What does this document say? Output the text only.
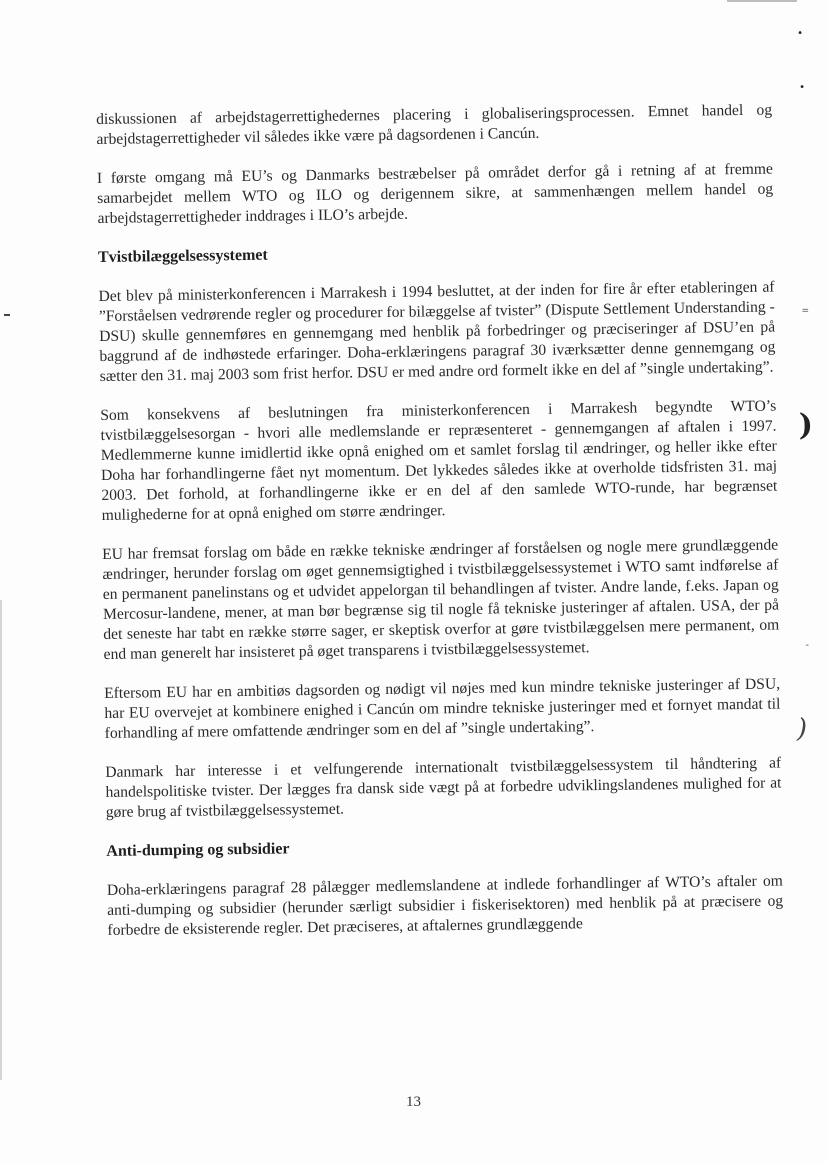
•
•
=
)
-
)

diskussionen af arbejdstagerrettighedernes placering i globaliseringsprocessen. Emnet handel og arbejdstagerrettigheder vil således ikke være på dagsordenen i Cancún.

I første omgang må EU’s og Danmarks bestræbelser på området derfor gå i retning af at fremme samarbejdet mellem WTO og ILO og derigennem sikre, at sammenhængen mellem handel og arbejdstagerrettigheder inddrages i ILO’s arbejde.

Tvistbilæggelsessystemet

Det blev på ministerkonferencen i Marrakesh i 1994 besluttet, at der inden for fire år efter etableringen af ”Forståelsen vedrørende regler og procedurer for bilæggelse af tvister” (Dispute Settlement Understanding - DSU) skulle gennemføres en gennemgang med henblik på forbedringer og præciseringer af DSU’en på baggrund af de indhøstede erfaringer. Doha-erklæringens paragraf 30 iværksætter denne gennemgang og sætter den 31. maj 2003 som frist herfor. DSU er med andre ord formelt ikke en del af ”single undertaking”.

Som konsekvens af beslutningen fra ministerkonferencen i Marrakesh begyndte WTO’s tvistbilæggelsesorgan - hvori alle medlemslande er repræsenteret - gennemgangen af aftalen i 1997. Medlemmerne kunne imidlertid ikke opnå enighed om et samlet forslag til ændringer, og heller ikke efter Doha har forhandlingerne fået nyt momentum. Det lykkedes således ikke at overholde tidsfristen 31. maj 2003. Det forhold, at forhandlingerne ikke er en del af den samlede WTO-runde, har begrænset mulighederne for at opnå enighed om større ændringer.

EU har fremsat forslag om både en række tekniske ændringer af forståelsen og nogle mere grundlæggende ændringer, herunder forslag om øget gennemsigtighed i tvistbilæggelsessystemet i WTO samt indførelse af en permanent panelinstans og et udvidet appelorgan til behandlingen af tvister. Andre lande, f.eks. Japan og Mercosur-landene, mener, at man bør begrænse sig til nogle få tekniske justeringer af aftalen. USA, der på det seneste har tabt en række større sager, er skeptisk overfor at gøre tvistbilæggelsen mere permanent, om end man generelt har insisteret på øget transparens i tvistbilæggelsessystemet.

Eftersom EU har en ambitiøs dagsorden og nødigt vil nøjes med kun mindre tekniske justeringer af DSU, har EU overvejet at kombinere enighed i Cancún om mindre tekniske justeringer med et fornyet mandat til forhandling af mere omfattende ændringer som en del af ”single undertaking”.

Danmark har interesse i et velfungerende internationalt tvistbilæggelsessystem til håndtering af handelspolitiske tvister. Der lægges fra dansk side vægt på at forbedre udviklingslandenes mulighed for at gøre brug af tvistbilæggelsessystemet.

Anti-dumping og subsidier

Doha-erklæringens paragraf 28 pålægger medlemslandene at indlede forhandlinger af WTO’s aftaler om anti-dumping og subsidier (herunder særligt subsidier i fiskerisektoren) med henblik på at præcisere og forbedre de eksisterende regler. Det præciseres, at aftalernes grundlæggende

13
